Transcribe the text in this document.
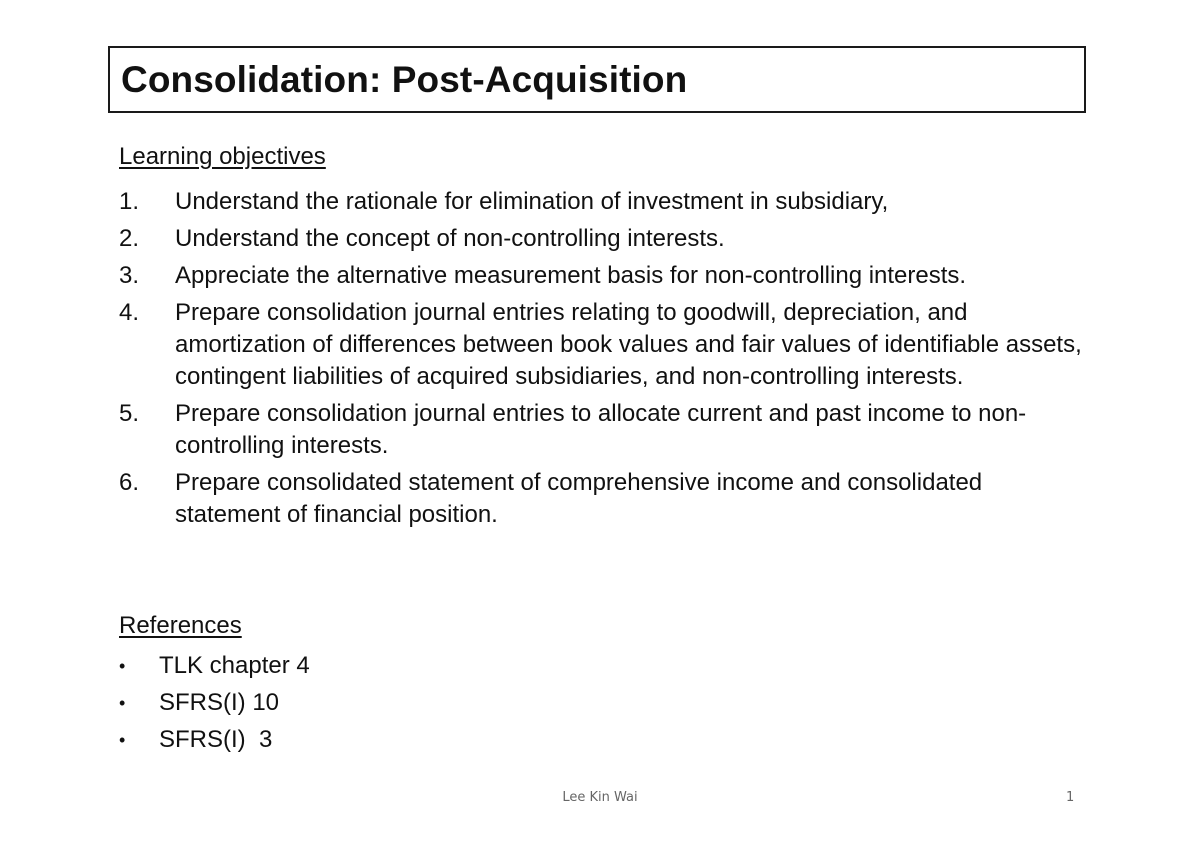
Consolidation: Post-Acquisition
Learning objectives
1.	Understand the rationale for elimination of investment in subsidiary,
2.	Understand the concept of non-controlling interests.
3.	Appreciate the alternative measurement basis for non-controlling interests.
4.	Prepare consolidation journal entries relating to goodwill, depreciation, and amortization of differences between book values and fair values of identifiable assets, contingent liabilities of acquired subsidiaries, and non-controlling interests.
5.	Prepare consolidation journal entries to allocate current and past income to non-controlling interests.
6.	Prepare consolidated statement of comprehensive income and consolidated statement of financial position.
References
•	TLK chapter 4
•	SFRS(I) 10
•	SFRS(I)  3
Lee Kin Wai	1
